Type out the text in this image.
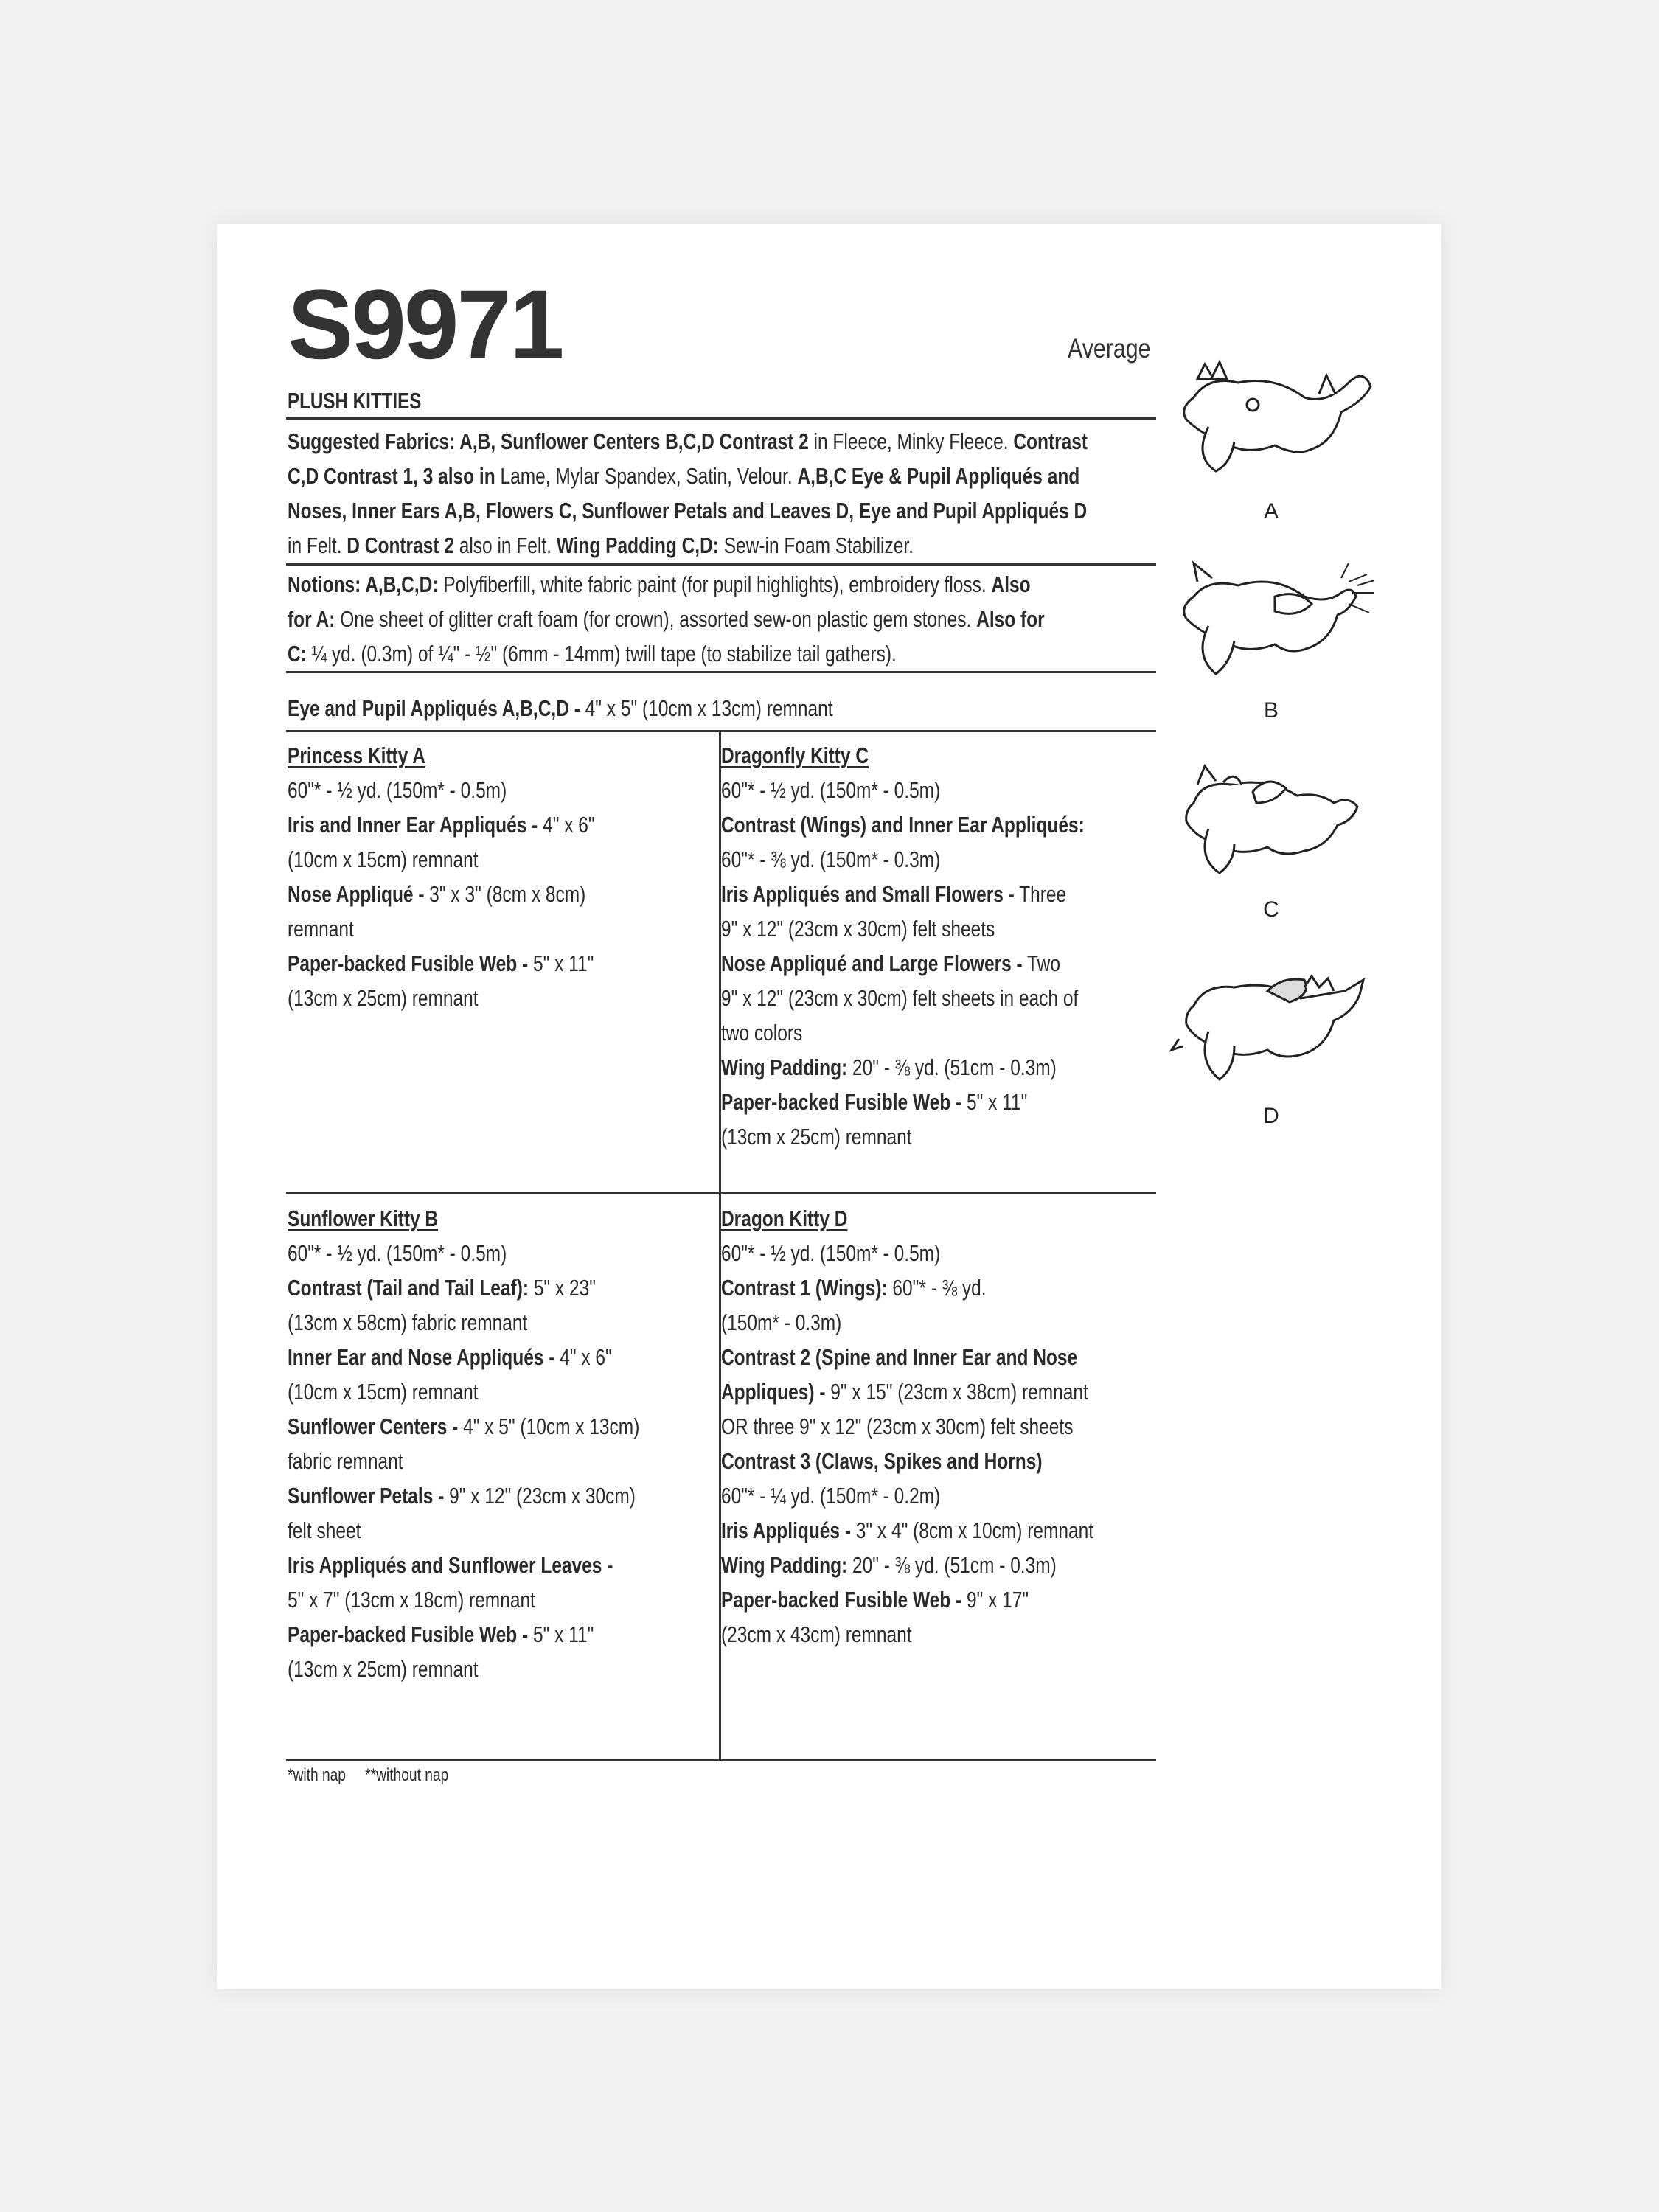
S9971	Average
PLUSH KITTIES
Suggested Fabrics: A,B, Sunflower Centers B,C,D Contrast 2 in Fleece, Minky Fleece. Contrast
C,D Contrast 1, 3 also in Lame, Mylar Spandex, Satin, Velour. A,B,C Eye & Pupil Appliqués and
Noses, Inner Ears A,B, Flowers C, Sunflower Petals and Leaves D, Eye and Pupil Appliqués D
in Felt. D Contrast 2 also in Felt. Wing Padding C,D: Sew-in Foam Stabilizer.
Notions: A,B,C,D: Polyfiberfill, white fabric paint (for pupil highlights), embroidery floss. Also
for A: One sheet of glitter craft foam (for crown), assorted sew-on plastic gem stones. Also for
C: ¼ yd. (0.3m) of ¼" - ½" (6mm - 14mm) twill tape (to stabilize tail gathers).
Eye and Pupil Appliqués A,B,C,D - 4" x 5" (10cm x 13cm) remnant
Princess Kitty A
60"* - ½ yd. (150m* - 0.5m)
Iris and Inner Ear Appliqués - 4" x 6"
(10cm x 15cm) remnant
Nose Appliqué - 3" x 3" (8cm x 8cm)
remnant
Paper-backed Fusible Web - 5" x 11"
(13cm x 25cm) remnant
Dragonfly Kitty C
60"* - ½ yd. (150m* - 0.5m)
Contrast (Wings) and Inner Ear Appliqués:
60"* - ⅜ yd. (150m* - 0.3m)
Iris Appliqués and Small Flowers - Three
9" x 12" (23cm x 30cm) felt sheets
Nose Appliqué and Large Flowers - Two
9" x 12" (23cm x 30cm) felt sheets in each of
two colors
Wing Padding: 20" - ⅜ yd. (51cm - 0.3m)
Paper-backed Fusible Web - 5" x 11"
(13cm x 25cm) remnant
Sunflower Kitty B
60"* - ½ yd. (150m* - 0.5m)
Contrast (Tail and Tail Leaf): 5" x 23"
(13cm x 58cm) fabric remnant
Inner Ear and Nose Appliqués - 4" x 6"
(10cm x 15cm) remnant
Sunflower Centers - 4" x 5" (10cm x 13cm)
fabric remnant
Sunflower Petals - 9" x 12" (23cm x 30cm)
felt sheet
Iris Appliqués and Sunflower Leaves -
5" x 7" (13cm x 18cm) remnant
Paper-backed Fusible Web - 5" x 11"
(13cm x 25cm) remnant
Dragon Kitty D
60"* - ½ yd. (150m* - 0.5m)
Contrast 1 (Wings): 60"* - ⅜ yd.
(150m* - 0.3m)
Contrast 2 (Spine and Inner Ear and Nose
Appliques) - 9" x 15" (23cm x 38cm) remnant
OR three 9" x 12" (23cm x 30cm) felt sheets
Contrast 3 (Claws, Spikes and Horns)
60"* - ¼ yd. (150m* - 0.2m)
Iris Appliqués - 3" x 4" (8cm x 10cm) remnant
Wing Padding: 20" - ⅜ yd. (51cm - 0.3m)
Paper-backed Fusible Web - 9" x 17"
(23cm x 43cm) remnant
*with nap **without nap
A
B
C
D
